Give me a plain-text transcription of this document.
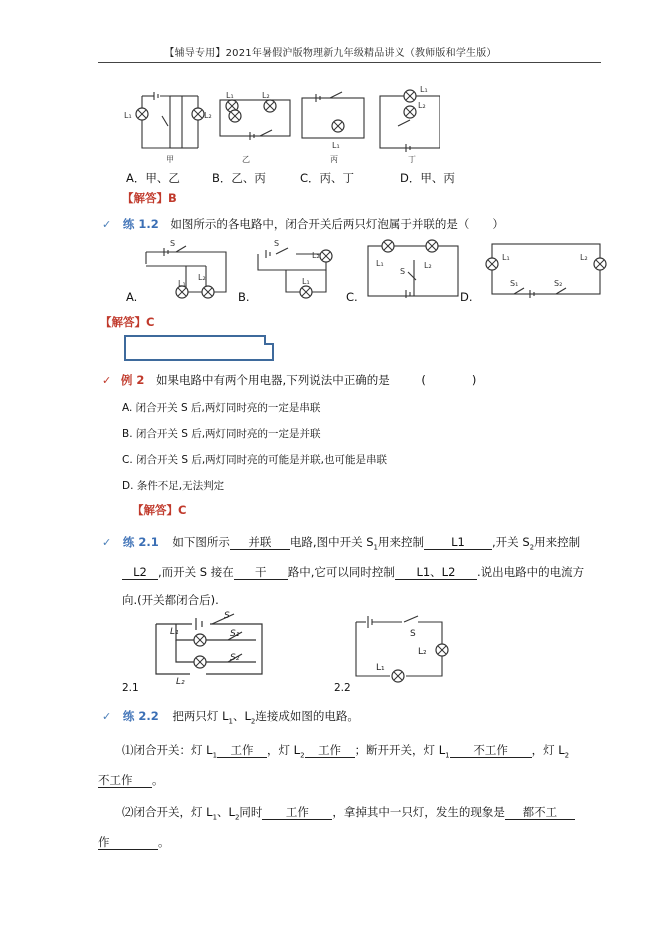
【辅导专用】2021年暑假沪版物理新九年级精品讲义（教师版和学生版）
L₁	L₂
L₁	L₂
L₁
L₁
L₂
甲	乙	丙	丁
A．甲、乙	B．乙、丙	C．丙、丁	D．甲、丙
【解答】B
✓ 练 1.2 如图所示的各电路中，闭合开关后两只灯泡属于并联的是（　　）
S
L₁
L₂
S
L₂
L₁
L₁	L₂
S
L₁	L₂
S₁	S₂
A.	B.	C.	D.
【解答】C
✓ 例 2 如果电路中有两个用电器,下列说法中正确的是	(　　　　)
A. 闭合开关 S 后,两灯同时亮的一定是串联
B. 闭合开关 S 后,两灯同时亮的一定是并联
C. 闭合开关 S 后,两灯同时亮的可能是并联,也可能是串联
D. 条件不足,无法判定
【解答】C
✓ 练 2.1 如下图所示 并联 电路,图中开关 $S_1$用来控制 L1 ,开关 $S_2$用来控制
L2 ,而开关 S 接在 干 路中,它可以同时控制 L1、L2 .说出电路中的电流方
向.(开关都闭合后).
S
L₁	S₁
S₂
L₂
2.1
S
L₂
L₁
2.2
✓ 练 2.2 把两只灯 $L_1$、$L_2$连接成如图的电路。
⑴闭合开关：灯 $L_1$ 工作 ，灯 $L_2$ 工作 ；断开开关，灯 $L_1$ 不工作 ，灯 $L_2$
不工作 。
⑵闭合开关，灯 $L_1$、$L_2$同时 工作 ，拿掉其中一只灯，发生的现象是 都不工
作	。
